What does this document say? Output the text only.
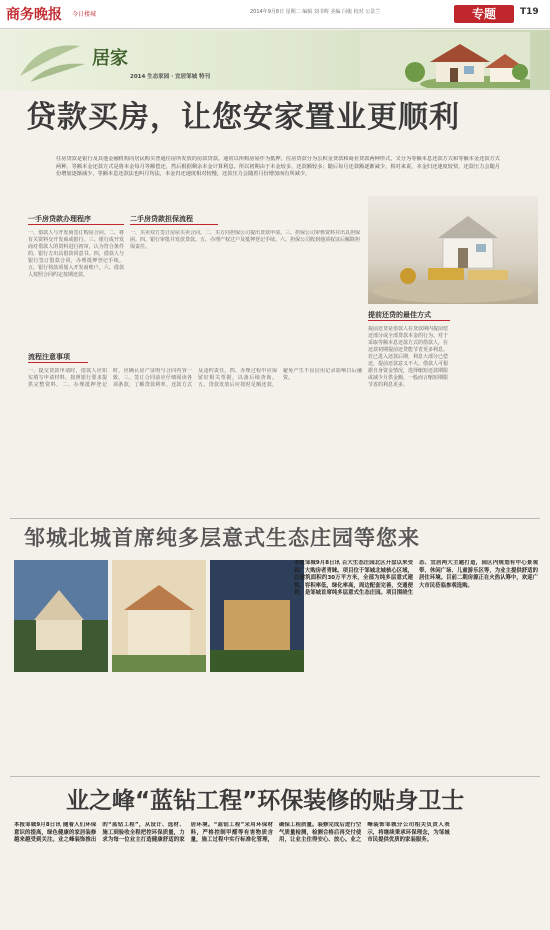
商务晚报 今日楼城	2014年9月8日 星期二 编辑 刘书辉 美编 闫俊 校对 公景兰	专题	T19
居家
2014 生态家园 · 宜居邹城 特刊
贷款买房，让您安家置业更顺利
住房贷款是银行及其他金融机构向居民购买普通住房所发放的房款贷款。通常以所购房屋作为抵押。住房贷款分为公积金贷款和商业贷款两种形式，又分为等额本息还款方式和等额本金还款方式两种。等额本金还款方式是将本金每月等额偿还，然后根据剩余本金计算利息。所以初期由于本金较多，还款额较多；随后每月还款额逐渐减少，相对来说，本金归还速度较快，还款压力会随月份增加逐渐减少，等额本息还款法也叫月均法，本金归还速度相对较慢，还款压力会随着月份增加而有所减少。
一手房贷款办理程序
一、借款人与开发商签订购房合同。二、将有关资料交开发商或银行。三、银行或开发商对借款人的资料进行初审，认为符合条件的，银行方出具借款同意书。四、借款人与银行签订借款合同，办理抵押登记手续。五、银行将款项划入开发商账户。六、借款人按照合同约定按期还款。
二手房贷款担保流程
一、买卖双方签订房屋买卖合同。二、买方向担保公司提出贷款申请。三、担保公司审核资料并出具担保函。四、银行审批并发放贷款。五、办理产权过户及抵押登记手续。六、担保公司收到他项权证后解除担保责任。
提前还贷的最佳方式
提前还贷是借款人在贷款期内提前偿还部分或全部贷款本金的行为。对于采取等额本息还款方式的借款人，在还款初期提前还贷能节省更多利息。若已进入还款后期，利息大部分已偿还，提前还款意义不大。借款人可根据自身资金情况，选择缩短还款期限或减少月供金额，一般而言缩短期限节省的利息更多。
流程注意事项
一、提交贷款申请时，借款人应如实填写申请材料，按照银行要求提供完整资料。二、办理抵押登记时，应确认房产证明与合同内容一致。三、签订合同前应仔细阅读各项条款，了解贷款利率、还款方式及违约责任。四、办理过程中应保留好相关票据，以备后续查询。五、贷款发放后应按时足额还款，避免产生不良信用记录影响日后融资。
邹城北城首席纯多层意式生态庄园等您来
本报邹城9月8日讯 百大生态庄园北区开盘以来受到广大购房者青睐。项目位于邹城北城核心区域，总建筑面积约30万平方米，全部为纯多层意式建筑，容积率低，绿化率高，周边配套完善，交通便利，是邹城首席纯多层意式生态庄园。项目围绕生态、宜居两大主题打造，园区内规划有中心景观带、休闲广场、儿童游乐区等，为业主提供舒适的居住环境。目前二期房源正在火热认筹中，欢迎广大市民莅临参观选购。
业之峰“蓝钻工程”环保装修的贴身卫士
本报邹城9月8日讯 随着人们环保意识的提高，绿色健康的家居装修越来越受到关注。业之峰装饰推出的“蓝钻工程”，从设计、选材、施工到验收全程把控环保质量，力求为每一位业主打造健康舒适的家居环境。“蓝钻工程”采用环保材料，严格控制甲醛等有害物质含量，施工过程中实行标准化管理，确保工程质量。装修完成后进行空气质量检测，检测合格后再交付使用，让业主住得安心、放心。业之峰装饰邹城分公司相关负责人表示，将继续秉承环保理念，为邹城市民提供优质的家装服务。
